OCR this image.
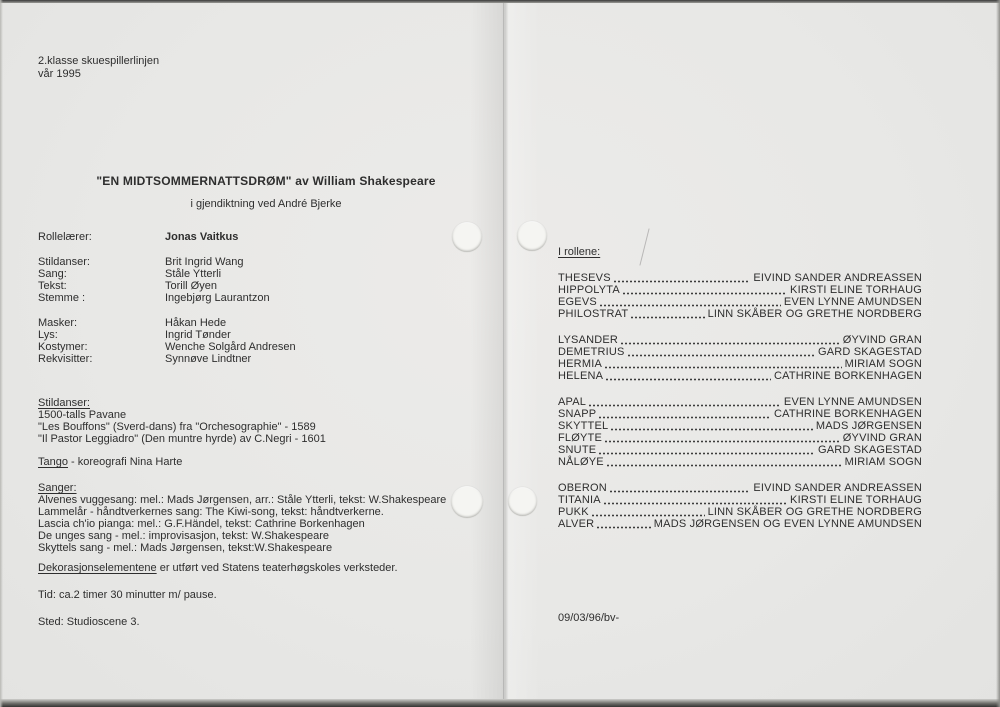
2.klasse skuespillerlinjen
vår 1995
"EN MIDTSOMMERNATTSDRØM" av William Shakespeare
i gjendiktning ved André Bjerke
Rollelærer:	Jonas Vaitkus
Stildanser:	Brit Ingrid Wang
Sang:	Ståle Ytterli
Tekst:	Torill Øyen
Stemme :	Ingebjørg Laurantzon
Masker:	Håkan Hede
Lys:	Ingrid Tønder
Kostymer:	Wenche Solgård Andresen
Rekvisitter:	Synnøve Lindtner
Stildanser:
1500-talls Pavane
"Les Bouffons" (Sverd-dans) fra "Orchesographie" - 1589
"Il Pastor Leggiadro" (Den muntre hyrde) av C.Negri - 1601
Tango - koreografi Nina Harte
Sanger:
Alvenes vuggesang: mel.: Mads Jørgensen, arr.: Ståle Ytterli, tekst: W.Shakespeare
Lammelår - håndtverkernes sang: The Kiwi-song, tekst: håndtverkerne.
Lascia ch'io pianga: mel.: G.F.Händel, tekst: Cathrine Borkenhagen
De unges sang - mel.: improvisasjon, tekst: W.Shakespeare
Skyttels sang - mel.: Mads Jørgensen, tekst:W.Shakespeare
Dekorasjonselementene er utført ved Statens teaterhøgskoles verksteder.
Tid: ca.2 timer 30 minutter m/ pause.
Sted: Studioscene 3.
I rollene:
THESEVS	EIVIND SANDER ANDREASSEN
HIPPOLYTA	KIRSTI ELINE TORHAUG
EGEVS	EVEN LYNNE AMUNDSEN
PHILOSTRAT	LINN SKÅBER OG GRETHE NORDBERG
LYSANDER	ØYVIND GRAN
DEMETRIUS	GARD SKAGESTAD
HERMIA	MIRIAM SOGN
HELENA	CATHRINE BORKENHAGEN
APAL	EVEN LYNNE AMUNDSEN
SNAPP	CATHRINE BORKENHAGEN
SKYTTEL	MADS JØRGENSEN
FLØYTE	ØYVIND GRAN
SNUTE	GARD SKAGESTAD
NÅLØYE	MIRIAM SOGN
OBERON	EIVIND SANDER ANDREASSEN
TITANIA	KIRSTI ELINE TORHAUG
PUKK	LINN SKÅBER OG GRETHE NORDBERG
ALVER	MADS JØRGENSEN OG EVEN LYNNE AMUNDSEN
09/03/96/bv-
